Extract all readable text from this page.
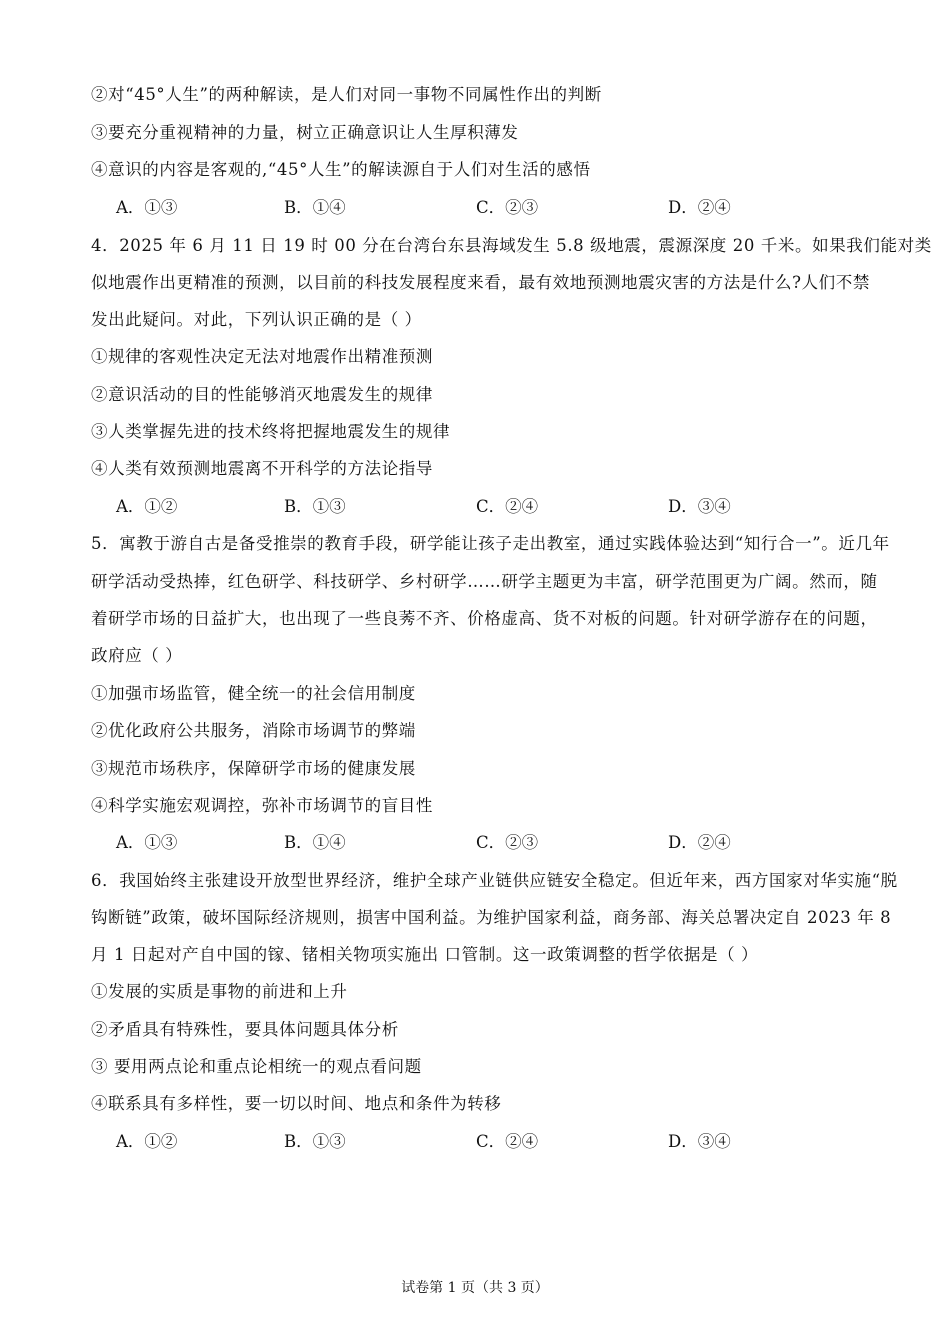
②对“45°人生”的两种解读，是人们对同一事物不同属性作出的判断
③要充分重视精神的力量，树立正确意识让人生厚积薄发
④意识的内容是客观的,“45°人生”的解读源自于人们对生活的感悟
A．①③	B．①④	C．②③	D．②④
4．2025 年 6 月 11 日 19 时 00 分在台湾台东县海域发生 5.8 级地震，震源深度 20 千米。如果我们能对类
似地震作出更精准的预测，以目前的科技发展程度来看，最有效地预测地震灾害的方法是什么?人们不禁
发出此疑问。对此，下列认识正确的是（ ）
①规律的客观性决定无法对地震作出精准预测
②意识活动的目的性能够消灭地震发生的规律
③人类掌握先进的技术终将把握地震发生的规律
④人类有效预测地震离不开科学的方法论指导
A．①②	B．①③	C．②④	D．③④
5．寓教于游自古是备受推崇的教育手段，研学能让孩子走出教室，通过实践体验达到“知行合一”。近几年
研学活动受热捧，红色研学、科技研学、乡村研学……研学主题更为丰富，研学范围更为广阔。然而，随
着研学市场的日益扩大，也出现了一些良莠不齐、价格虚高、货不对板的问题。针对研学游存在的问题，
政府应（ ）
①加强市场监管，健全统一的社会信用制度
②优化政府公共服务，消除市场调节的弊端
③规范市场秩序，保障研学市场的健康发展
④科学实施宏观调控，弥补市场调节的盲目性
A．①③	B．①④	C．②③	D．②④
6．我国始终主张建设开放型世界经济，维护全球产业链供应链安全稳定。但近年来，西方国家对华实施“脱
钩断链”政策，破坏国际经济规则，损害中国利益。为维护国家利益，商务部、海关总署决定自 2023 年 8
月 1 日起对产自中国的镓、锗相关物项实施出 口管制。这一政策调整的哲学依据是（ ）
①发展的实质是事物的前进和上升
②矛盾具有特殊性，要具体问题具体分析
③ 要用两点论和重点论相统一的观点看问题
④联系具有多样性，要一切以时间、地点和条件为转移
A．①②	B．①③	C．②④	D．③④
试卷第 1 页（共 3 页）
